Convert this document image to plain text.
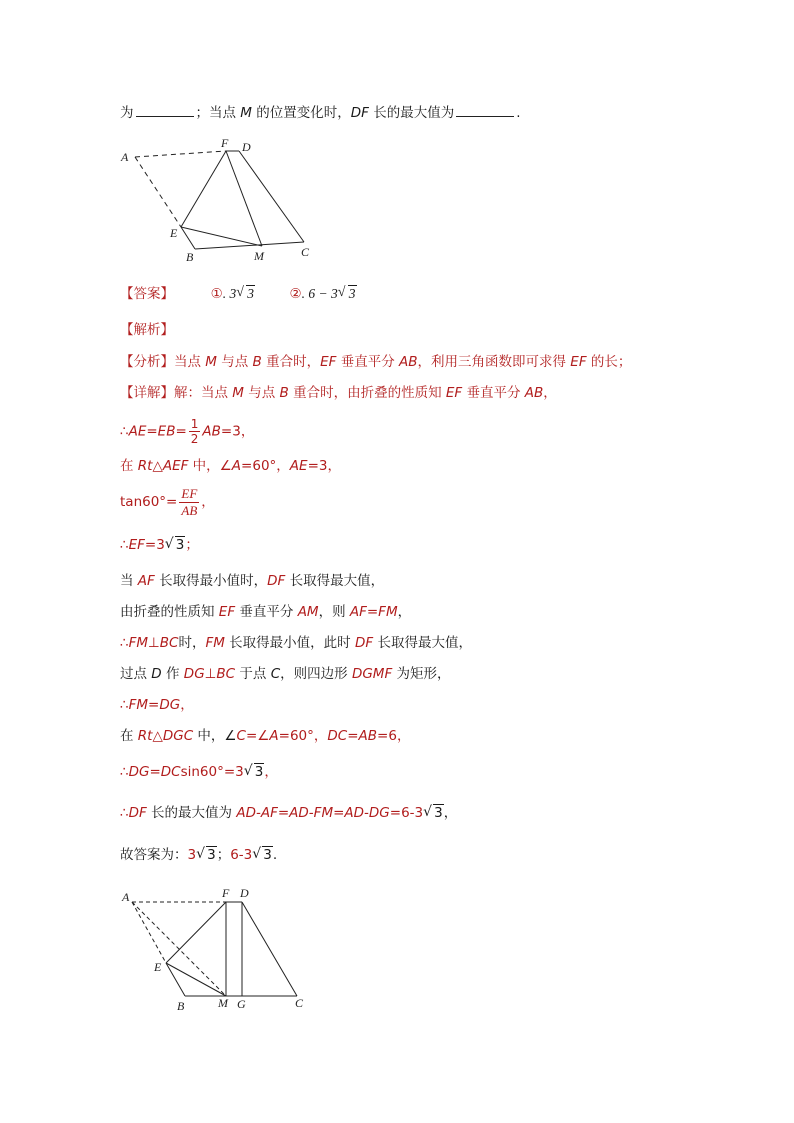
为	；当点 M 的位置变化时，DF 长的最大值为	.
A
F D
E
B	M	C
【答案】	①. 3 √ 3	②. 6 − 3 √ 3
【解析】
【分析】当点 M 与点 B 重合时，EF 垂直平分 AB，利用三角函数即可求得 EF 的长；
【详解】解：当点 M 与点 B 重合时，由折叠的性质知 EF 垂直平分 AB，
∴AE=EB= $\frac{1}{2} AB=3$，
在 Rt△AEF 中，∠A=60°，AE=3，
$\tan 60^\circ= \frac{EF}{AB}$ ，
∴EF=3 √ 3；
当 AF 长取得最小值时，DF 长取得最大值，
由折叠的性质知 EF 垂直平分 AM，则 AF=FM，
∴FM⊥BC时，FM 长取得最小值，此时 DF 长取得最大值，
过点 D 作 DG⊥BC 于点 C，则四边形 DGMF 为矩形，
∴FM=DG，
在 Rt△DGC 中，∠C=∠A=60°，DC=AB=6，
∴DG=DCsin60°=3 √ 3，
∴DF 长的最大值为 AD-AF=AD-FM=AD-DG=6-3 √ 3，
故答案为：3 √ 3；6-3 √ 3.
A	F D
E
B	M G	C
